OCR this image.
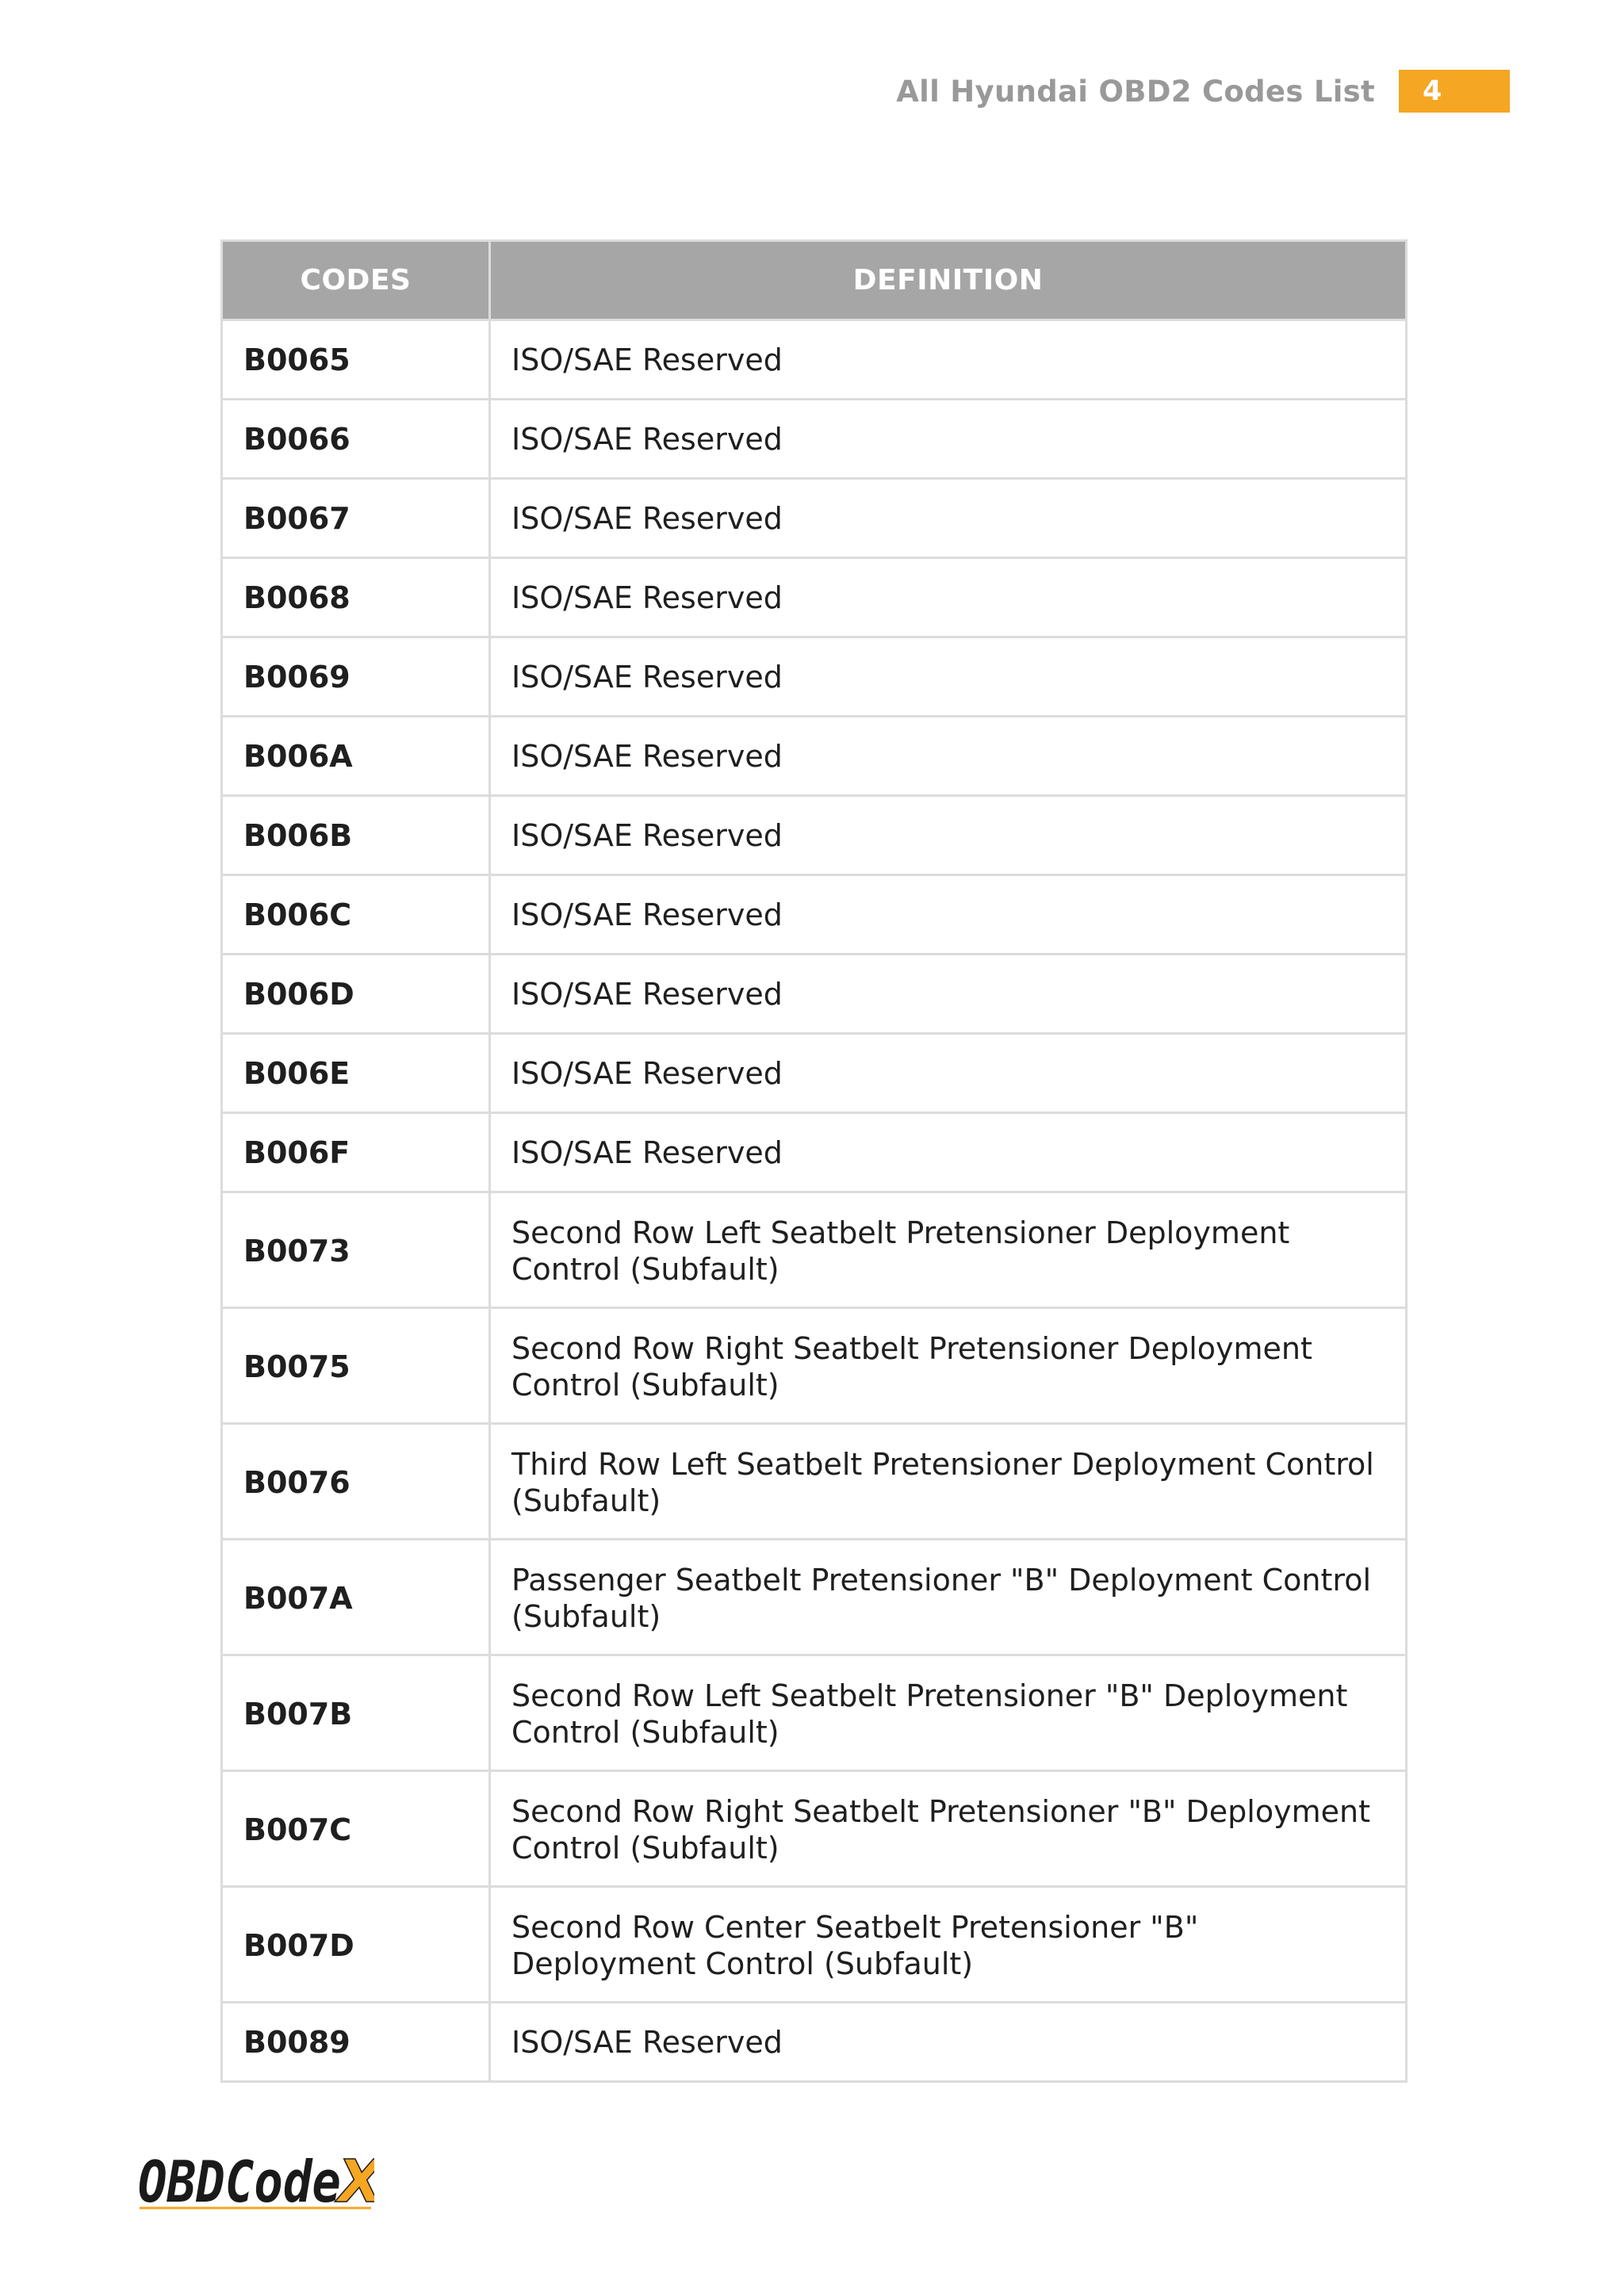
All Hyundai OBD2 Codes List	4
CODES	DEFINITION
B0065	ISO/SAE Reserved
B0066	ISO/SAE Reserved
B0067	ISO/SAE Reserved
B0068	ISO/SAE Reserved
B0069	ISO/SAE Reserved
B006A	ISO/SAE Reserved
B006B	ISO/SAE Reserved
B006C	ISO/SAE Reserved
B006D	ISO/SAE Reserved
B006E	ISO/SAE Reserved
B006F	ISO/SAE Reserved
B0073	Second Row Left Seatbelt Pretensioner Deployment Control (Subfault)
B0075	Second Row Right Seatbelt Pretensioner Deployment Control (Subfault)
B0076	Third Row Left Seatbelt Pretensioner Deployment Control (Subfault)
B007A	Passenger Seatbelt Pretensioner "B" Deployment Control (Subfault)
B007B	Second Row Left Seatbelt Pretensioner "B" Deployment Control (Subfault)
B007C	Second Row Right Seatbelt Pretensioner "B" Deployment Control (Subfault)
B007D	Second Row Center Seatbelt Pretensioner "B" Deployment Control (Subfault)
B0089	ISO/SAE Reserved
OBDCode
